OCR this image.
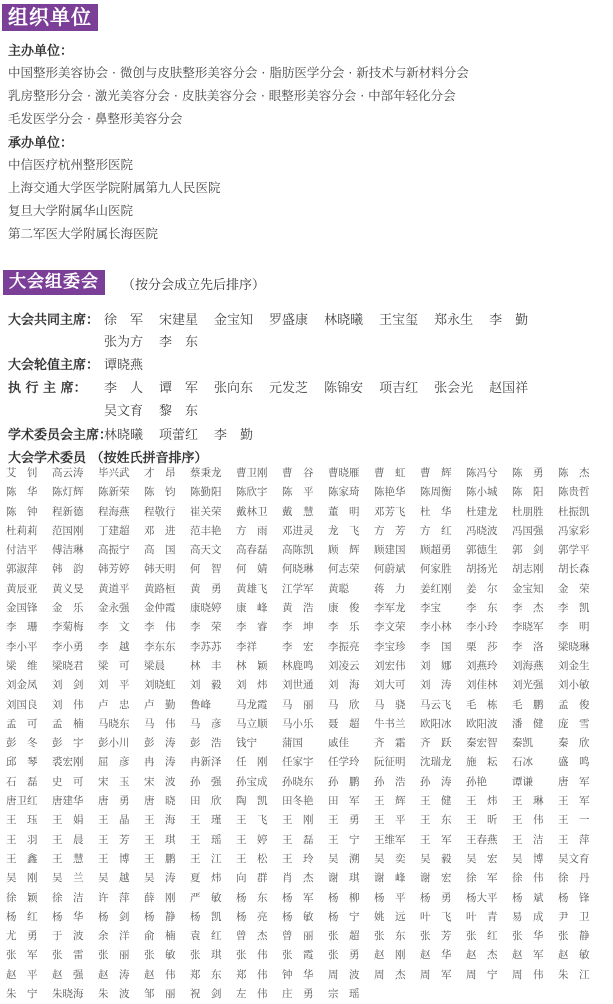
组织单位
主办单位：
中国整形美容协会 · 微创与皮肤整形美容分会 · 脂肪医学分会 · 新技术与新材料分会
乳房整形分会 · 激光美容分会 · 皮肤美容分会 · 眼整形美容分会 · 中部年轻化分会
毛发医学分会 · 鼻整形美容分会
承办单位：
中信医疗杭州整形医院
上海交通大学医学院附属第九人民医院
复旦大学附属华山医院
第二军医大学附属长海医院
大会组委会	（按分会成立先后排序）
大会共同主席： 徐　军 宋建星 金宝知 罗盛康 林晓曦 王宝玺 郑永生 李　勤
张为方 李　东
大会轮值主席： 谭晓燕
执 行 主 席： 李　人 谭　军 张向东 元发芝 陈锦安 项吉红 张会光 赵国祥
吴文育 黎　东
学术委员会主席：
林晓曦 项蕾红 李　勤
大会学术委员 （按姓氏拼音排序）
艾　钊	高云涛	毕兴武	才　昂	蔡秉龙	曹卫刚	曹　谷	曹晓雁	曹　虹	曹　辉	陈冯兮	陈　勇	陈　杰
陈　华	陈灯辉	陈新荣	陈　钧	陈勤阳	陈欣宇	陈　平	陈家琦	陈艳华	陈周衡	陈小城	陈　阳	陈贵哲
陈　钟	程新德	程海燕	程敬行	崔关荣	戴林卫	戴　慧	董　明	邓芳飞	杜　华	杜建龙	杜朋胜	杜振凯
杜莉莉	范国刚	丁建超	邓　进	范丰艳	方　雨	邓进灵	龙　飞	方　芳	方　红	冯晓波	冯国强	冯家彩
付洁平	傅洁琳	高振宁	高　国	高天文	高春磊	高陈凯	顾　辉	顾建国	顾超勇	郭德生	郭　剑	郭学平
郭淑萍	韩　韵	韩芳婷	韩天明	何　智	何　婧	何晓琳	何志荣	何蔚斌	何家胜	胡扬光	胡志刚	胡长森
黄辰亚	黄义旻	黄道平	黄路桓	黄　勇	黄雄飞	江学军	黄聪	蒋　力	姜红刚	姜　尔	金宝知	金　荣
金国锋	金　乐	金永强	金仲霞	康晓婷	康　峰	黄　浩	康　俊	李军龙	李宝　	李　东	李　杰	李　凯
李　珊	李菊梅	李　文	李　伟	李　荣	李　睿	李　坤	李　乐	李文荣	李小林	李小玲	李晓军	李　明
李小平	李小勇	李　越	李东东	李苏苏	李祥	李　宏	李振亮	李宝珍	李　国	栗　莎	李　洛	梁晓琳
梁　维	梁晓君	梁　可	梁晨	林　丰	林　颖	林鹿鸣	刘凌云	刘宏伟	刘　娜	刘燕玲	刘海燕	刘金生
刘金凤	刘　剑	刘　平	刘晓虹	刘　毅	刘　炜	刘世通	刘　海	刘大可	刘　涛	刘佳林	刘光强	刘小敏
刘国良	刘　伟	卢　忠	卢　勤	鲁峰	马龙霞	马　丽	马　欣	马　骁	马云飞	毛　栋	毛　鹏	孟　俊
孟　可	孟　楠	马晓东	马　伟	马　彦	马立顺	马小乐	聂　超	牛书兰	欧阳冰	欧阳波	潘　健	庞　雪
彭　冬	彭　宇	彭小川	彭　涛	彭　浩	钱宁	蒲国　	戚佳	齐　霜	齐　跃	秦宏智	秦凯	秦　欣
邱　琴	裘宏刚	屈　彦	冉　涛	冉新泽	任　刚	任家宇	任学玲	阮征明	沈瑞龙	施　耘	石冰	盛　鸣
石　磊	史　可	宋　玉	宋　波	孙　强	孙宝成	孙晓东	孙　鹏	孙　浩	孙　涛	孙艳	谭谦	唐　军
唐卫红	唐建华	唐　勇	唐　晓	田　欣	陶　凯	田冬艳	田　军	王　辉	王　健	王　炜	王　琳	王　军
王　珏	王　娟	王　晶	王　海	王　瑾	王　飞	王　刚	王　勇	王　平	王　东	王　昕	王　伟	王　一
王　羽	王　晨	王　芳	王　琪	王　瑶	王　婷	王　磊	王　宁	王维军	王　军	王春燕	王　洁	王　萍
王　鑫	王　慧	王　博	王　鹏	王　江	王　松	王　玲	吴　溯	吴　奕	吴　毅	吴　宏	吴　博	吴文育
吴　刚	吴　兰	吴　越	吴　涛	夏　炜	向　群	肖　杰	谢　琪	谢　峰	谢　宏	徐　军	徐　伟	徐　丹
徐　颖	徐　洁	许　萍	薛　刚	严　敏	杨　东	杨　军	杨　柳	杨　平	杨　勇	杨大平	杨　斌	杨　锋
杨　红	杨　华	杨　剑	杨　静	杨　凯	杨　亮	杨　敏	杨　宁	姚　远	叶　飞	叶　青	易　成	尹　卫
尤　勇	于　波	余　洋	俞　楠	袁　红	曾　杰	曾　丽	张　超	张　东	张　芳	张　红	张　华	张　静
张　军	张　雷	张　丽	张　敏	张　琪	张　伟	张　霞	张　勇	赵　刚	赵　华	赵　杰	赵　军	赵　敏
赵　平	赵　强	赵　涛	赵　伟	郑　东	郑　伟	钟　华	周　波	周　杰	周　军	周　宁	周　伟	朱　江
朱　宁	朱晓海	朱　波	邹　丽	祝　剑	左　伟	庄　勇	宗　瑶
